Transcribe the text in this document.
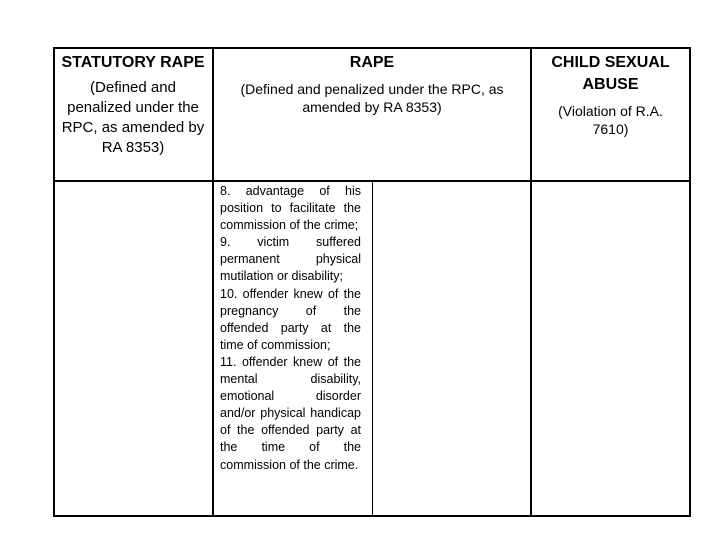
STATUTORY RAPE
(Defined and penalized under the RPC, as amended by RA 8353)
RAPE
(Defined and penalized under the RPC, as amended by RA 8353)
CHILD SEXUAL ABUSE
(Violation of R.A. 7610)
8. advantage of his position to facilitate the commission of the crime;
9. victim suffered permanent physical mutilation or disability;
10. offender knew of the pregnancy of the offended party at the time of commission;
11. offender knew of the mental disability, emotional disorder and/or physical handicap of the offended party at the time of the commission of the crime.
